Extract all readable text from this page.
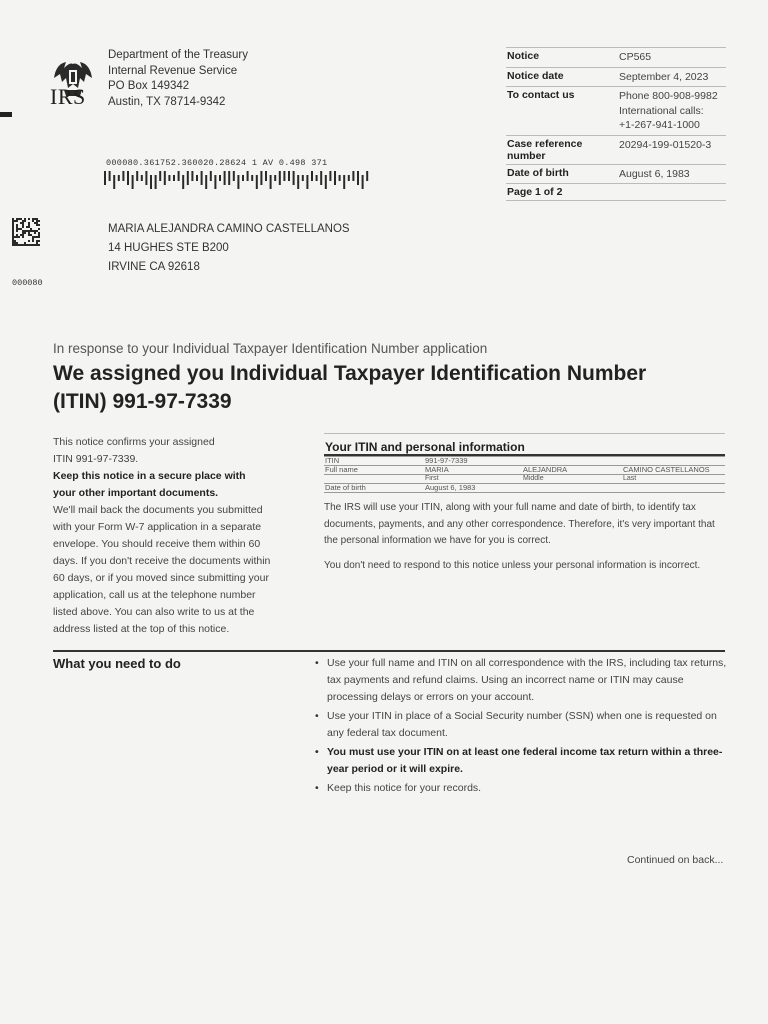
IRS
Department of the Treasury
Internal Revenue Service
PO Box 149342
Austin, TX 78714-9342
000080.361752.360020.28624 1 AV 0.498 371
000080
MARIA ALEJANDRA CAMINO CASTELLANOS
14 HUGHES STE B200
IRVINE CA 92618
Notice	CP565
Notice date	September 4, 2023
To contact us	Phone 800-908-9982
International calls:
+1-267-941-1000
Case reference number
20294-199-01520-3
Date of birth	August 6, 1983
Page 1 of 2
In response to your Individual Taxpayer Identification Number application
We assigned you Individual Taxpayer Identification Number
(ITIN) 991-97-7339
This notice confirms your assigned
ITIN 991-97-7339.
Keep this notice in a secure place with your other important documents.
We'll mail back the documents you submitted with your Form W-7 application in a separate envelope. You should receive them within 60 days. If you don't receive the documents within 60 days, or if you moved since submitting your application, call us at the telephone number listed above. You can also write to us at the address listed at the top of this notice.
Your ITIN and personal information
ITIN	991-97-7339
Full name	MARIA	ALEJANDRA	CAMINO CASTELLANOS
First	Middle	Last
Date of birth	August 6, 1983

The IRS will use your ITIN, along with your full name and date of birth, to identify tax documents, payments, and any other correspondence. Therefore, it's very important that the personal information we have for you is correct.

You don't need to respond to this notice unless your personal information is incorrect.

What you need to do
•	Use your full name and ITIN on all correspondence with the IRS, including tax returns, tax payments and refund claims. Using an incorrect name or ITIN may cause processing delays or errors on your account.
• Use your ITIN in place of a Social Security number (SSN) when one is requested on any federal tax document.
• You must use your ITIN on at least one federal income tax return within a three-year period or it will expire.
• Keep this notice for your records.
Continued on back...
